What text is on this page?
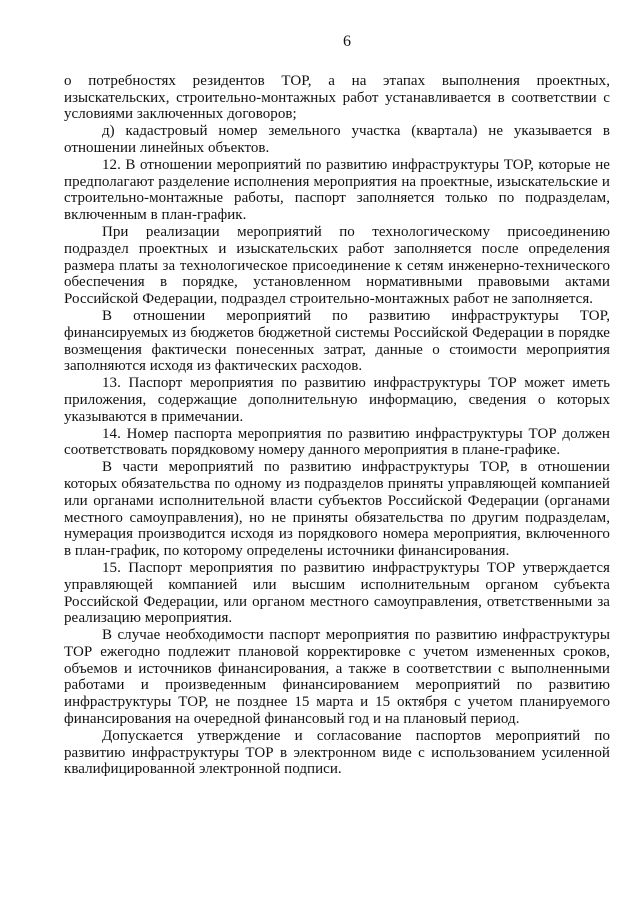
6

о потребностях резидентов ТОР, а на этапах выполнения проектных, изыскательских, строительно-монтажных работ устанавливается в соответствии с условиями заключенных договоров;

д) кадастровый номер земельного участка (квартала) не указывается в отношении линейных объектов.

12. В отношении мероприятий по развитию инфраструктуры ТОР, которые не предполагают разделение исполнения мероприятия на проектные, изыскательские и строительно-монтажные работы, паспорт заполняется только по подразделам, включенным в план-график.

При реализации мероприятий по технологическому присоединению подраздел проектных и изыскательских работ заполняется после определения размера платы за технологическое присоединение к сетям инженерно-технического обеспечения в порядке, установленном нормативными правовыми актами Российской Федерации, подраздел строительно-монтажных работ не заполняется.

В отношении мероприятий по развитию инфраструктуры ТОР, финансируемых из бюджетов бюджетной системы Российской Федерации в порядке возмещения фактически понесенных затрат, данные о стоимости мероприятия заполняются исходя из фактических расходов.

13. Паспорт мероприятия по развитию инфраструктуры ТОР может иметь приложения, содержащие дополнительную информацию, сведения о которых указываются в примечании.

14. Номер паспорта мероприятия по развитию инфраструктуры ТОР должен соответствовать порядковому номеру данного мероприятия в плане-графике.

В части мероприятий по развитию инфраструктуры ТОР, в отношении которых обязательства по одному из подразделов приняты управляющей компанией или органами исполнительной власти субъектов Российской Федерации (органами местного самоуправления), но не приняты обязательства по другим подразделам, нумерация производится исходя из порядкового номера мероприятия, включенного в план-график, по которому определены источники финансирования.

15. Паспорт мероприятия по развитию инфраструктуры ТОР утверждается управляющей компанией или высшим исполнительным органом субъекта Российской Федерации, или органом местного самоуправления, ответственными за реализацию мероприятия.

В случае необходимости паспорт мероприятия по развитию инфраструктуры ТОР ежегодно подлежит плановой корректировке с учетом измененных сроков, объемов и источников финансирования, а также в соответствии с выполненными работами и произведенным финансированием мероприятий по развитию инфраструктуры ТОР, не позднее 15 марта и 15 октября с учетом планируемого финансирования на очередной финансовый год и на плановый период.

Допускается утверждение и согласование паспортов мероприятий по развитию инфраструктуры ТОР в электронном виде с использованием усиленной квалифицированной электронной подписи.
